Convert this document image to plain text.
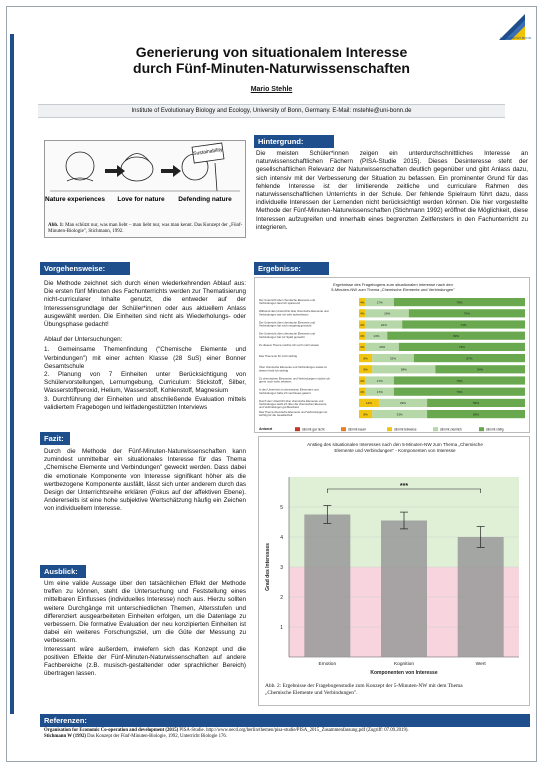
UNIVERSITÄT BONN
Generierung von situationalem Interesse
durch Fünf-Minuten-Naturwissenschaften
Mario Stehle
Institute of Evolutionary Biology and Ecology, University of Bonn, Germany. E-Mail: mstehle@uni-bonn.de
Sustainability
Nature experiences Love for nature Defending nature
Abb. 1: Man schützt nur, was man liebt – man liebt nur, was man kennt. Das Konzept der „Fünf-Minuten-Biologie", Stichmann, 1992.
Hintergrund:
Die meisten Schüler*innen zeigen ein unterdurchschnittliches Interesse an naturwissenschaftlichen Fächern (PISA-Studie 2015). Dieses Desinteresse steht der gesellschaftlichen Relevanz der Naturwissenschaften deutlich gegenüber und gibt Anlass dazu, sich intensiv mit der Verbesserung der Situation zu befassen. Ein prominenter Grund für das fehlende Interesse ist der limitierende zeitliche und curriculare Rahmen des naturwissenschaftlichen Unterrichts in der Schule. Der fehlende Spielraum führt dazu, dass individuelle Interessen der Lernenden nicht berücksichtigt werden können. Die hier vorgestellte Methode der Fünf-Minuten-Naturwissenschaften (Stichmann 1992) eröffnet die Möglichkeit, diese Interessen aufzugreifen und innerhalb eines begrenzten Zeitfensters in den Fachunterricht zu integrieren.
Vorgehensweise:
Die Methode zeichnet sich durch einen wiederkehrenden Ablauf aus: Die ersten fünf Minuten des Fachunterrichts werden zur Thematisierung nicht-curricularer Inhalte genutzt, die entweder auf der Interessensgrundlage der Schüler*innen oder aus aktuellem Anlass ausgewählt werden. Die Einheiten sind nicht als Wiederholungs- oder Übungsphase gedacht!
Ablauf der Untersuchungen:
1. Gemeinsame Themenfindung ("Chemische Elemente und Verbindungen") mit einer achten Klasse (28 SuS) einer Bonner Gesamtschule
2. Planung von 7 Einheiten unter Berücksichtigung von Schülervorstellungen, Lernumgebung, Curriculum: Stickstoff, Silber, Wasserstoffperoxid, Helium, Wasserstoff, Kohlenstoff, Magnesium
3. Durchführung der Einheiten und abschließende Evaluation mittels validiertem Fragebogen und leitfadengestützten Interviews
Ergebnisse:
Ergebnisse des Fragebogens zum situationalen Interesse nach den
5-Minuten-NW zum Thema „Chemische Elemente und Verbindungen"
Der Unterricht über chemische Elemente und
Verbindungen fand ich spannend	4%	17%	79%
Während des Unterrichts über chemische Elemente und
Verbindungen war ich sehr aufmerksam	4%	26%	70%
Der Unterricht über chemische Elemente und
Verbindungen hat mich neugierig gemacht	4%	22%	74%
Der Unterricht über chemische Elemente und
Verbindungen hat mir Spaß gemacht	4%	13%	83%
Zu diesem Thema möchte ich noch mehr wissen
4%	20%	76%
Das Thema ist für mich wichtig
8%	25%	67%
Über chemische Elemente und Verbindungen etwas zu
wissen finde ich wichtig	8%	38%	54%
Zu chemischen Elementen und Verbindungen möchte ich
gerne noch mehr erfahren	4%	17%	79%
In den Unterricht zu chemischen Elementen und
Verbindungen habe ich viel Neues gelernt	4%	17%	79%
Durch den Unterricht über chemische Elemente und
Verbindungen weiß ich über die chemischen Elemente
und Verbindungen gut Bescheid
12%	29%	59%
Das Thema chemische Elemente und Verbindungen ist
wichtig für die Gesellschaft	8%	33%	59%
Antwort	stimmt gar nicht	stimmt kaum	stimmt teilweise	stimmt ziemlich	stimmt völlig
Anstieg des situationalen Interesses nach den 5-Minuten-NW zum Thema „Chemische
Elemente und Verbindungen" - Komponenten von Interesse
1
2
3
4
5
Emotion	Kognition	Wert
***
Komponenten von Interesse
Grad des Interesses
Abb. 2: Ergebnisse der Fragebogenstudie zum Konzept der 5-Minuten-NW mit dem Thema
„Chemische Elemente und Verbindungen".
Fazit:
Durch die Methode der Fünf-Minuten-Naturwissenschaften kann zumindest unmittelbar ein situationales Interesse für das Thema „Chemische Elemente und Verbindungen" geweckt werden. Dass dabei die emotionale Komponente von Interesse signifikant höher als die wertbezogene Komponente ausfällt, lässt sich unter anderem durch das Design der Unterrichtsreihe erklären (Fokus auf der affektiven Ebene). Andererseits ist eine hohe subjektive Wertschätzung häufig ein Zeichen von individuellem Interesse.
Ausblick:
Um eine valide Aussage über den tatsächlichen Effekt der Methode treffen zu können, steht die Untersuchung und Feststellung eines mittelbaren Einflusses (individuelles Interesse) noch aus. Hierzu sollten weitere Durchgänge mit unterschiedlichen Themen, Altersstufen und differenziert ausgearbeiteten Einheiten erfolgen, um die Datenlage zu verbessern. Die formative Evaluation der neu konzipierten Einheiten ist dabei ein weiteres Forschungsziel, um die Güte der Messung zu verbessern.
Interessant wäre außerdem, inwiefern sich das Konzept und die positiven Effekte der Fünf-Minuten-Naturwissenschaften auf andere Fachbereiche (z.B. musisch-gestaltender oder sprachlicher Bereich) übertragen lassen.
Referenzen:
Organisation for Economic Co-operation and development (2015) PISA-Studie. http://www.oecd.org/berlin/themen/pisa-studie/PISA_2015_Zusammenfassung.pdf (Zugriff: 07.09.2019).
Stichmann W (1992) Das Konzept der Fünf-Minuten-Biologie, 1992, Unterricht Biologie 176.
